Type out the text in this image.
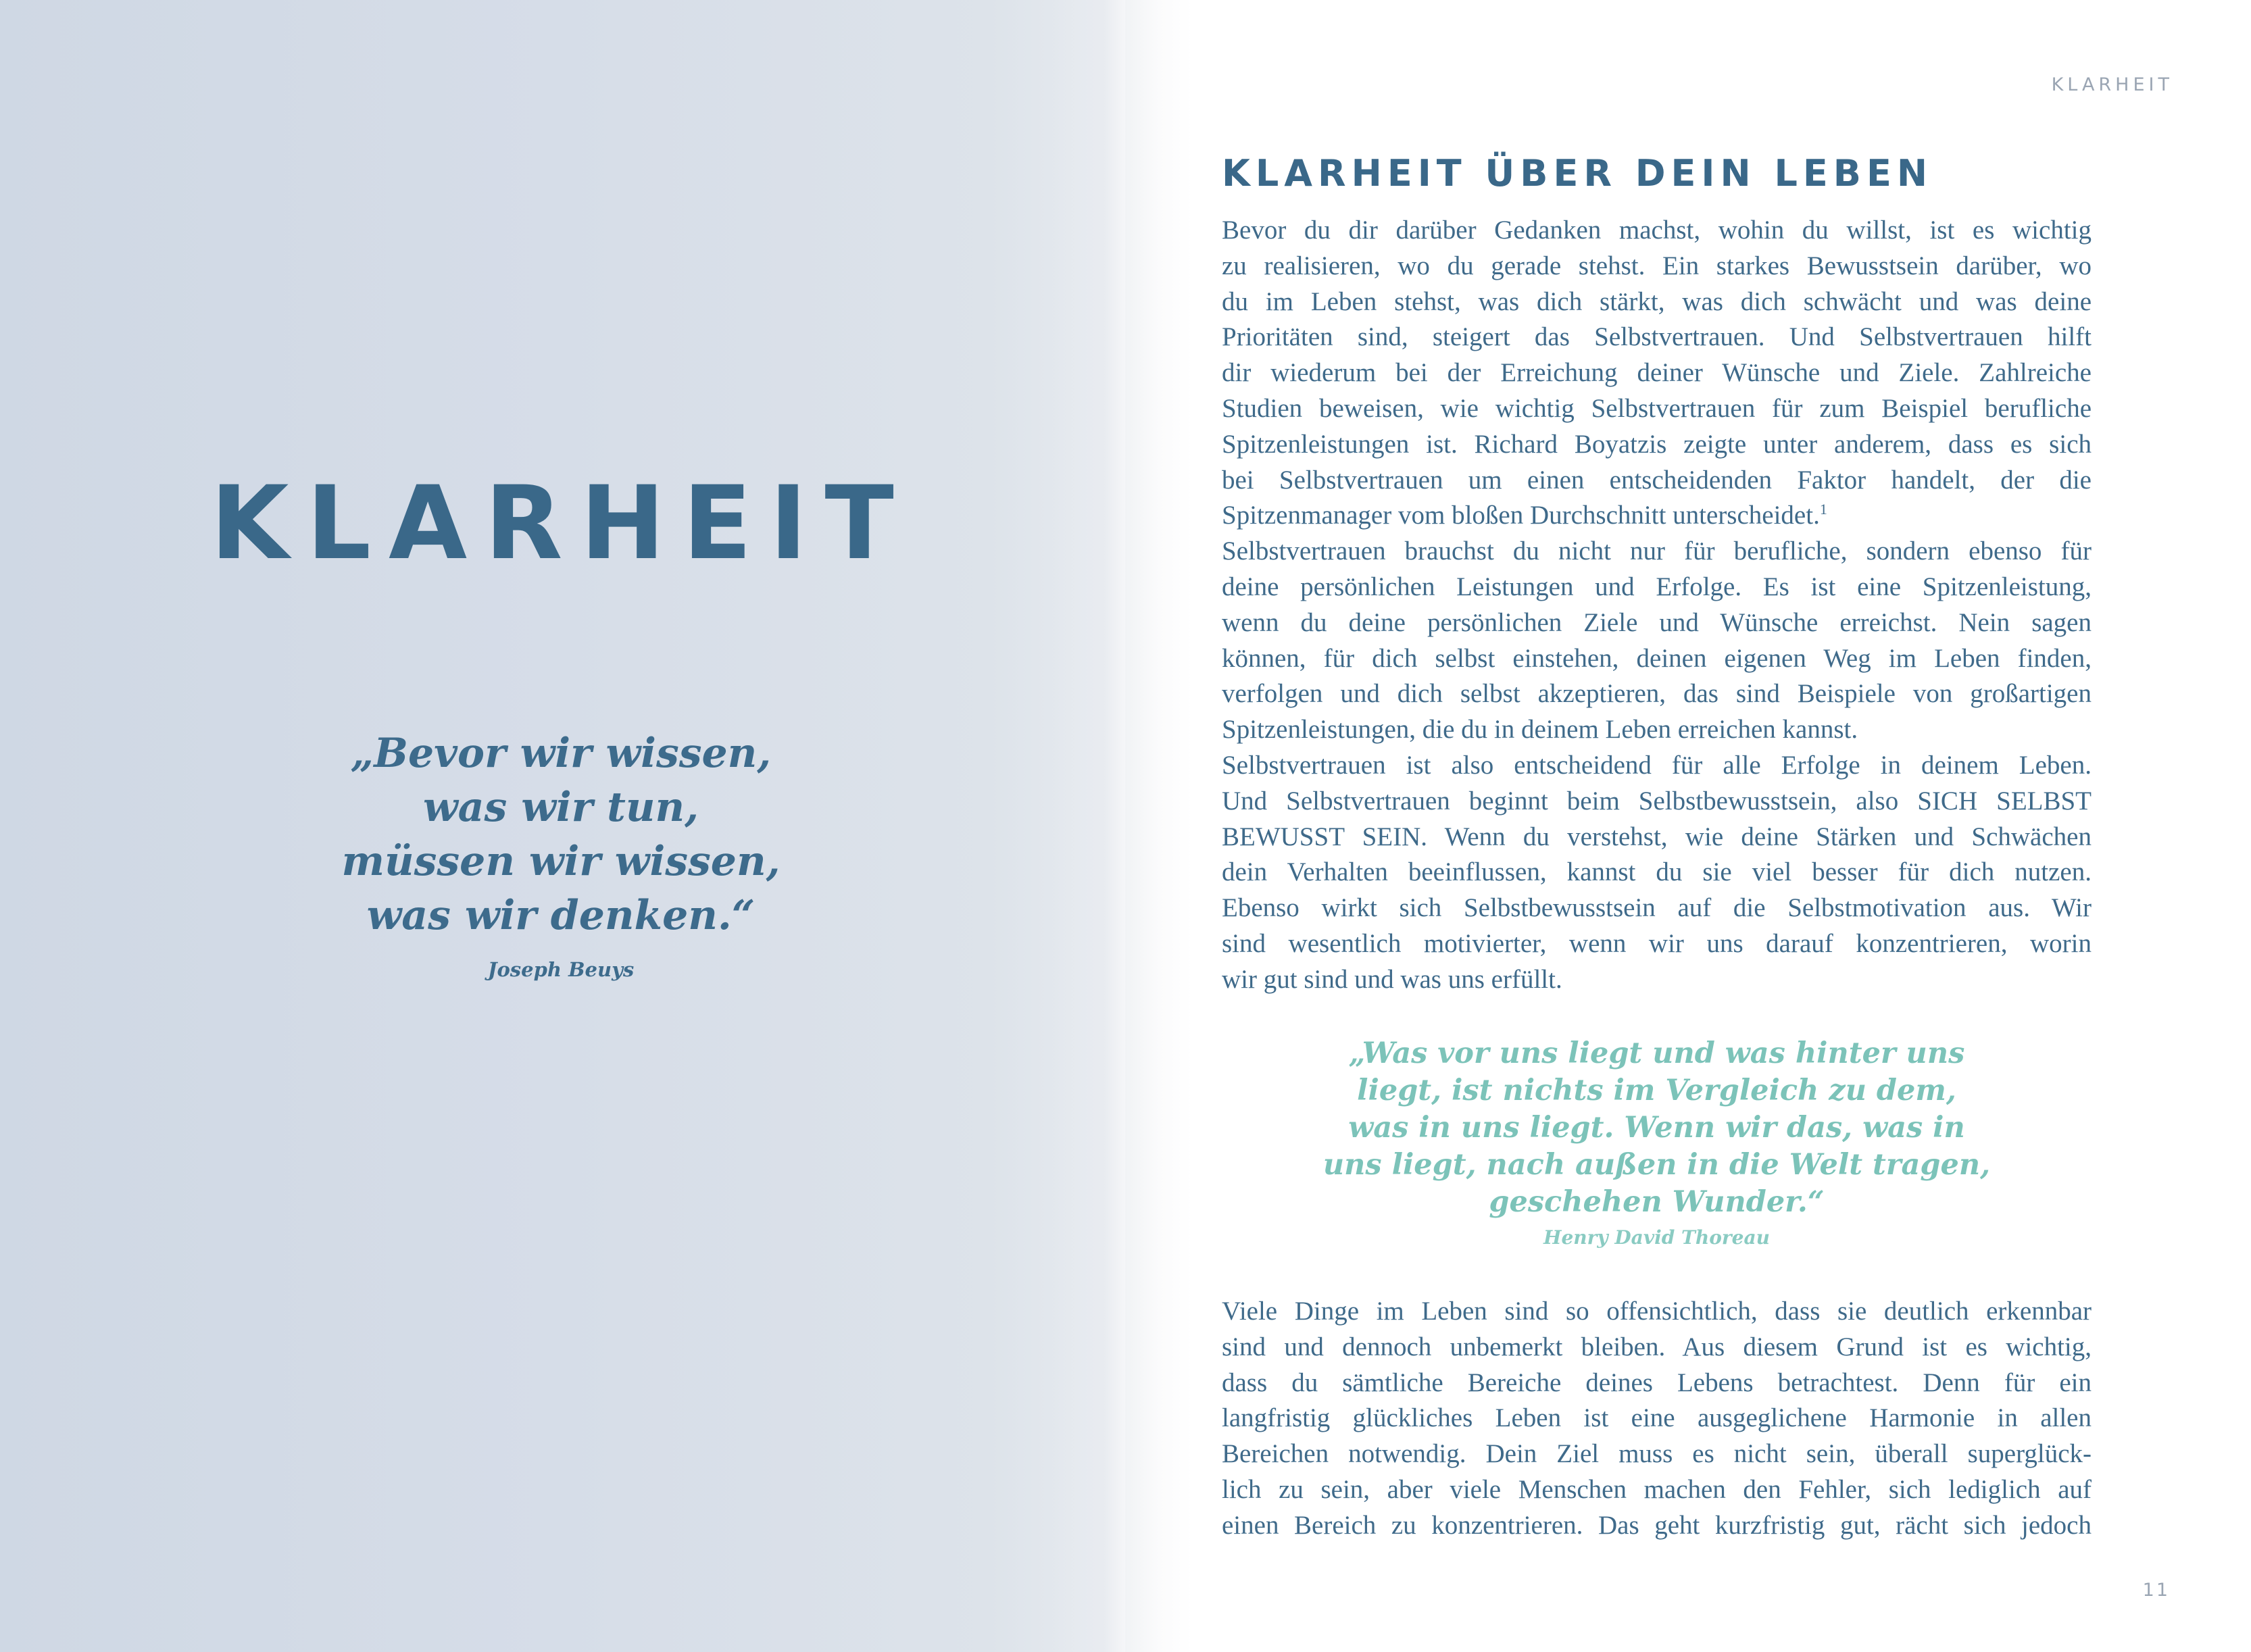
KLARHEIT
„Bevor wir wissen,
was wir tun,
müssen wir wissen,
was wir denken.“
Joseph Beuys
KLARHEIT
11
KLARHEIT ÜBER DEIN LEBEN
Bevor du dir darüber Gedanken machst, wohin du willst, ist es wichtig
zu realisieren, wo du gerade stehst. Ein starkes Bewusstsein darüber, wo
du im Leben stehst, was dich stärkt, was dich schwächt und was deine
Prioritäten sind, steigert das Selbstvertrauen. Und Selbstvertrauen hilft
dir wiederum bei der Erreichung deiner Wünsche und Ziele. Zahlreiche
Studien beweisen, wie wichtig Selbstvertrauen für zum Beispiel berufliche
Spitzenleistungen ist. Richard Boyatzis zeigte unter anderem, dass es sich
bei Selbstvertrauen um einen entscheidenden Faktor handelt, der die
Spitzenmanager vom bloßen Durchschnitt unterscheidet.$^1$
Selbstvertrauen brauchst du nicht nur für berufliche, sondern ebenso für
deine persönlichen Leistungen und Erfolge. Es ist eine Spitzenleistung,
wenn du deine persönlichen Ziele und Wünsche erreichst. Nein sagen
können, für dich selbst einstehen, deinen eigenen Weg im Leben finden,
verfolgen und dich selbst akzeptieren, das sind Beispiele von großartigen
Spitzenleistungen, die du in deinem Leben erreichen kannst.
Selbstvertrauen ist also entscheidend für alle Erfolge in deinem Leben.
Und Selbstvertrauen beginnt beim Selbstbewusstsein, also SICH SELBST
BEWUSST SEIN. Wenn du verstehst, wie deine Stärken und Schwächen
dein Verhalten beeinflussen, kannst du sie viel besser für dich nutzen.
Ebenso wirkt sich Selbstbewusstsein auf die Selbstmotivation aus. Wir
sind wesentlich motivierter, wenn wir uns darauf konzentrieren, worin
wir gut sind und was uns erfüllt.
„Was vor uns liegt und was hinter uns
liegt, ist nichts im Vergleich zu dem,
was in uns liegt. Wenn wir das, was in
uns liegt, nach außen in die Welt tragen,
geschehen Wunder.“
Henry David Thoreau
Viele Dinge im Leben sind so offensichtlich, dass sie deutlich erkennbar
sind und dennoch unbemerkt bleiben. Aus diesem Grund ist es wichtig,
dass du sämtliche Bereiche deines Lebens betrachtest. Denn für ein
langfristig glückliches Leben ist eine ausgeglichene Harmonie in allen
Bereichen notwendig. Dein Ziel muss es nicht sein, überall superglück-
lich zu sein, aber viele Menschen machen den Fehler, sich lediglich auf
einen Bereich zu konzentrieren. Das geht kurzfristig gut, rächt sich jedoch
